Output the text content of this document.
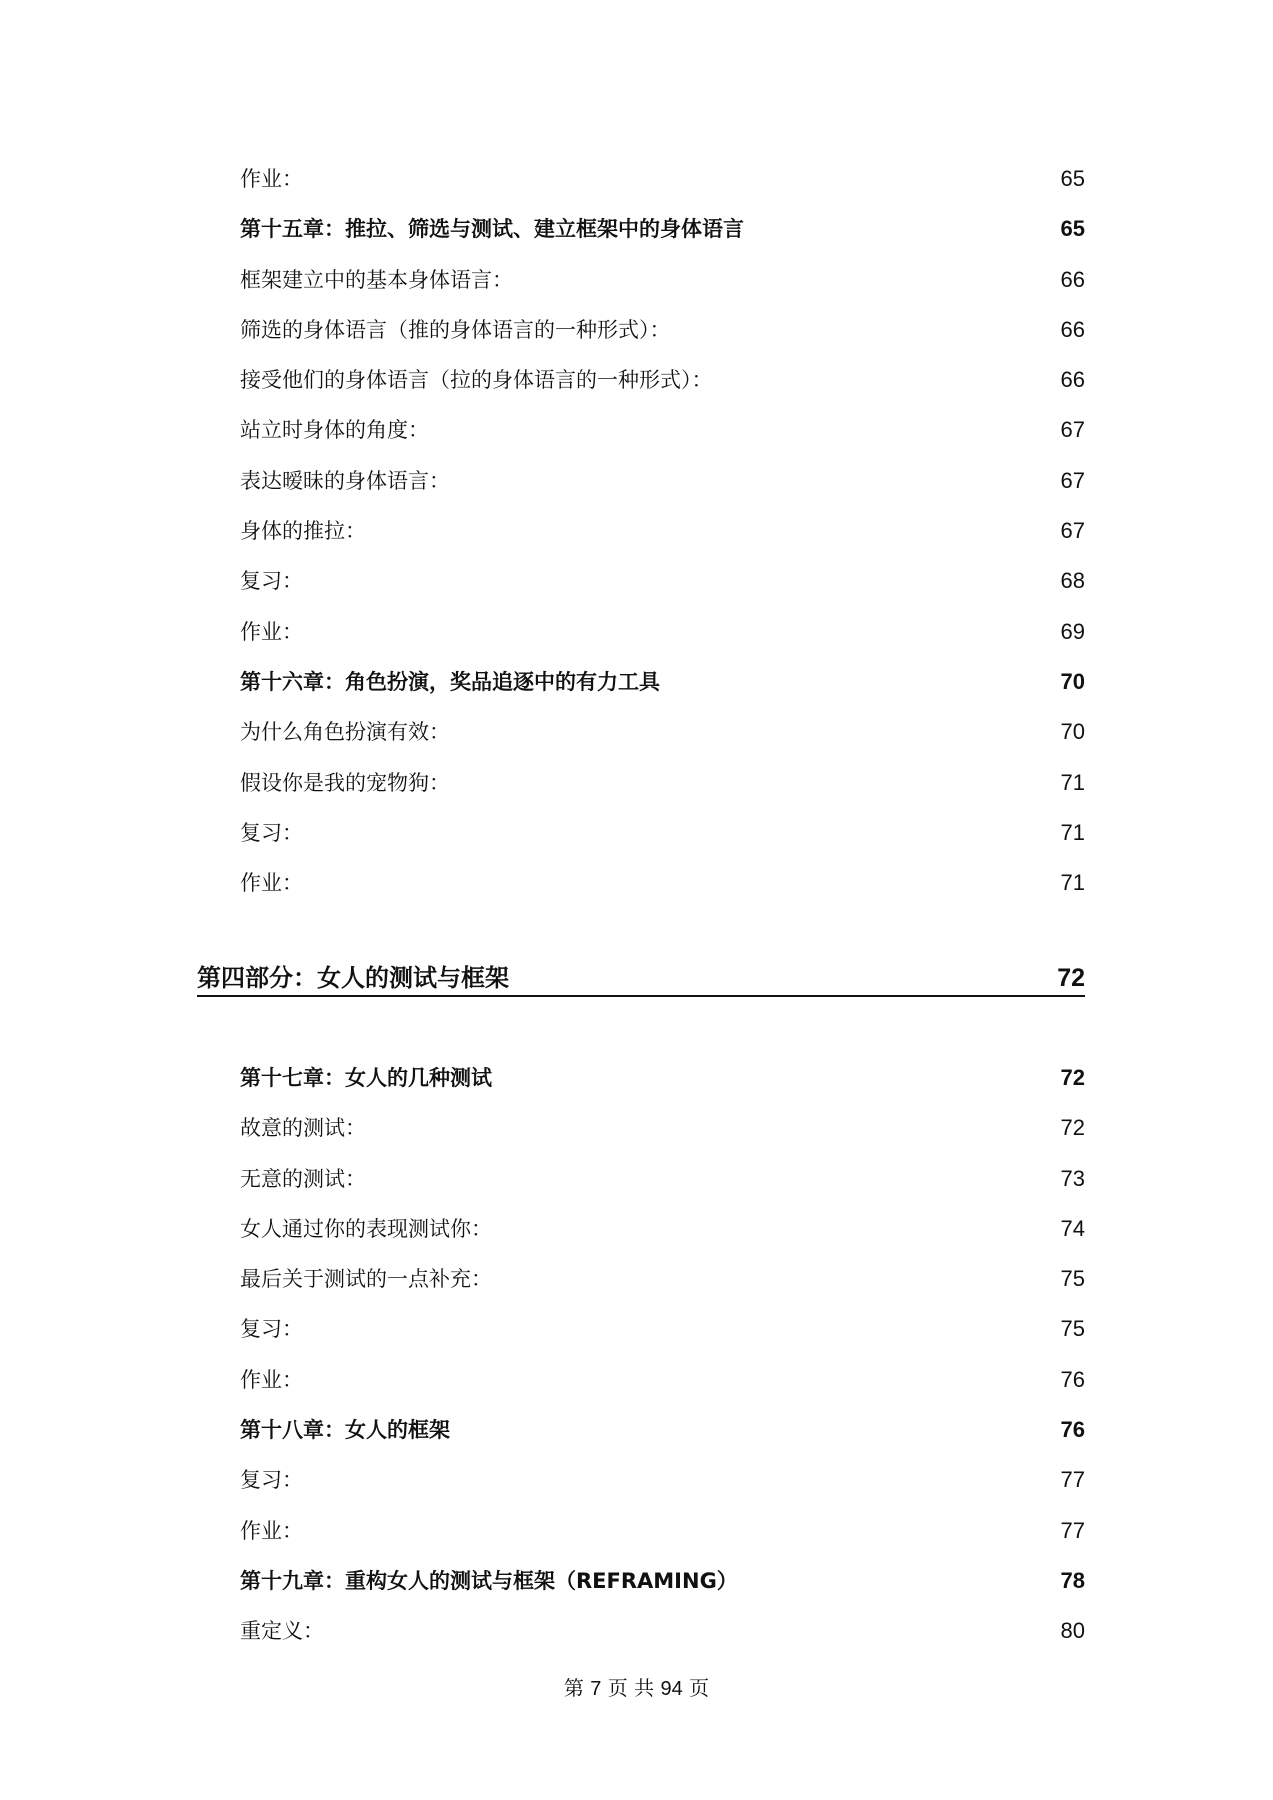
作业：	65
第十五章：推拉、筛选与测试、建立框架中的身体语言	65
框架建立中的基本身体语言：	66
筛选的身体语言（推的身体语言的一种形式）：	66
接受他们的身体语言（拉的身体语言的一种形式）：	66
站立时身体的角度：	67
表达暧昧的身体语言：	67
身体的推拉：	67
复习：	68
作业：	69
第十六章：角色扮演，奖品追逐中的有力工具	70
为什么角色扮演有效：	70
假设你是我的宠物狗：	71
复习：	71
作业：	71
第四部分：女人的测试与框架	72
第十七章：女人的几种测试	72
故意的测试：	72
无意的测试：	73
女人通过你的表现测试你：	74
最后关于测试的一点补充：	75
复习：	75
作业：	76
第十八章：女人的框架	76
复习：	77
作业：	77
第十九章：重构女人的测试与框架（REFRAMING）	78
重定义：	80
第 7 页 共 94 页
